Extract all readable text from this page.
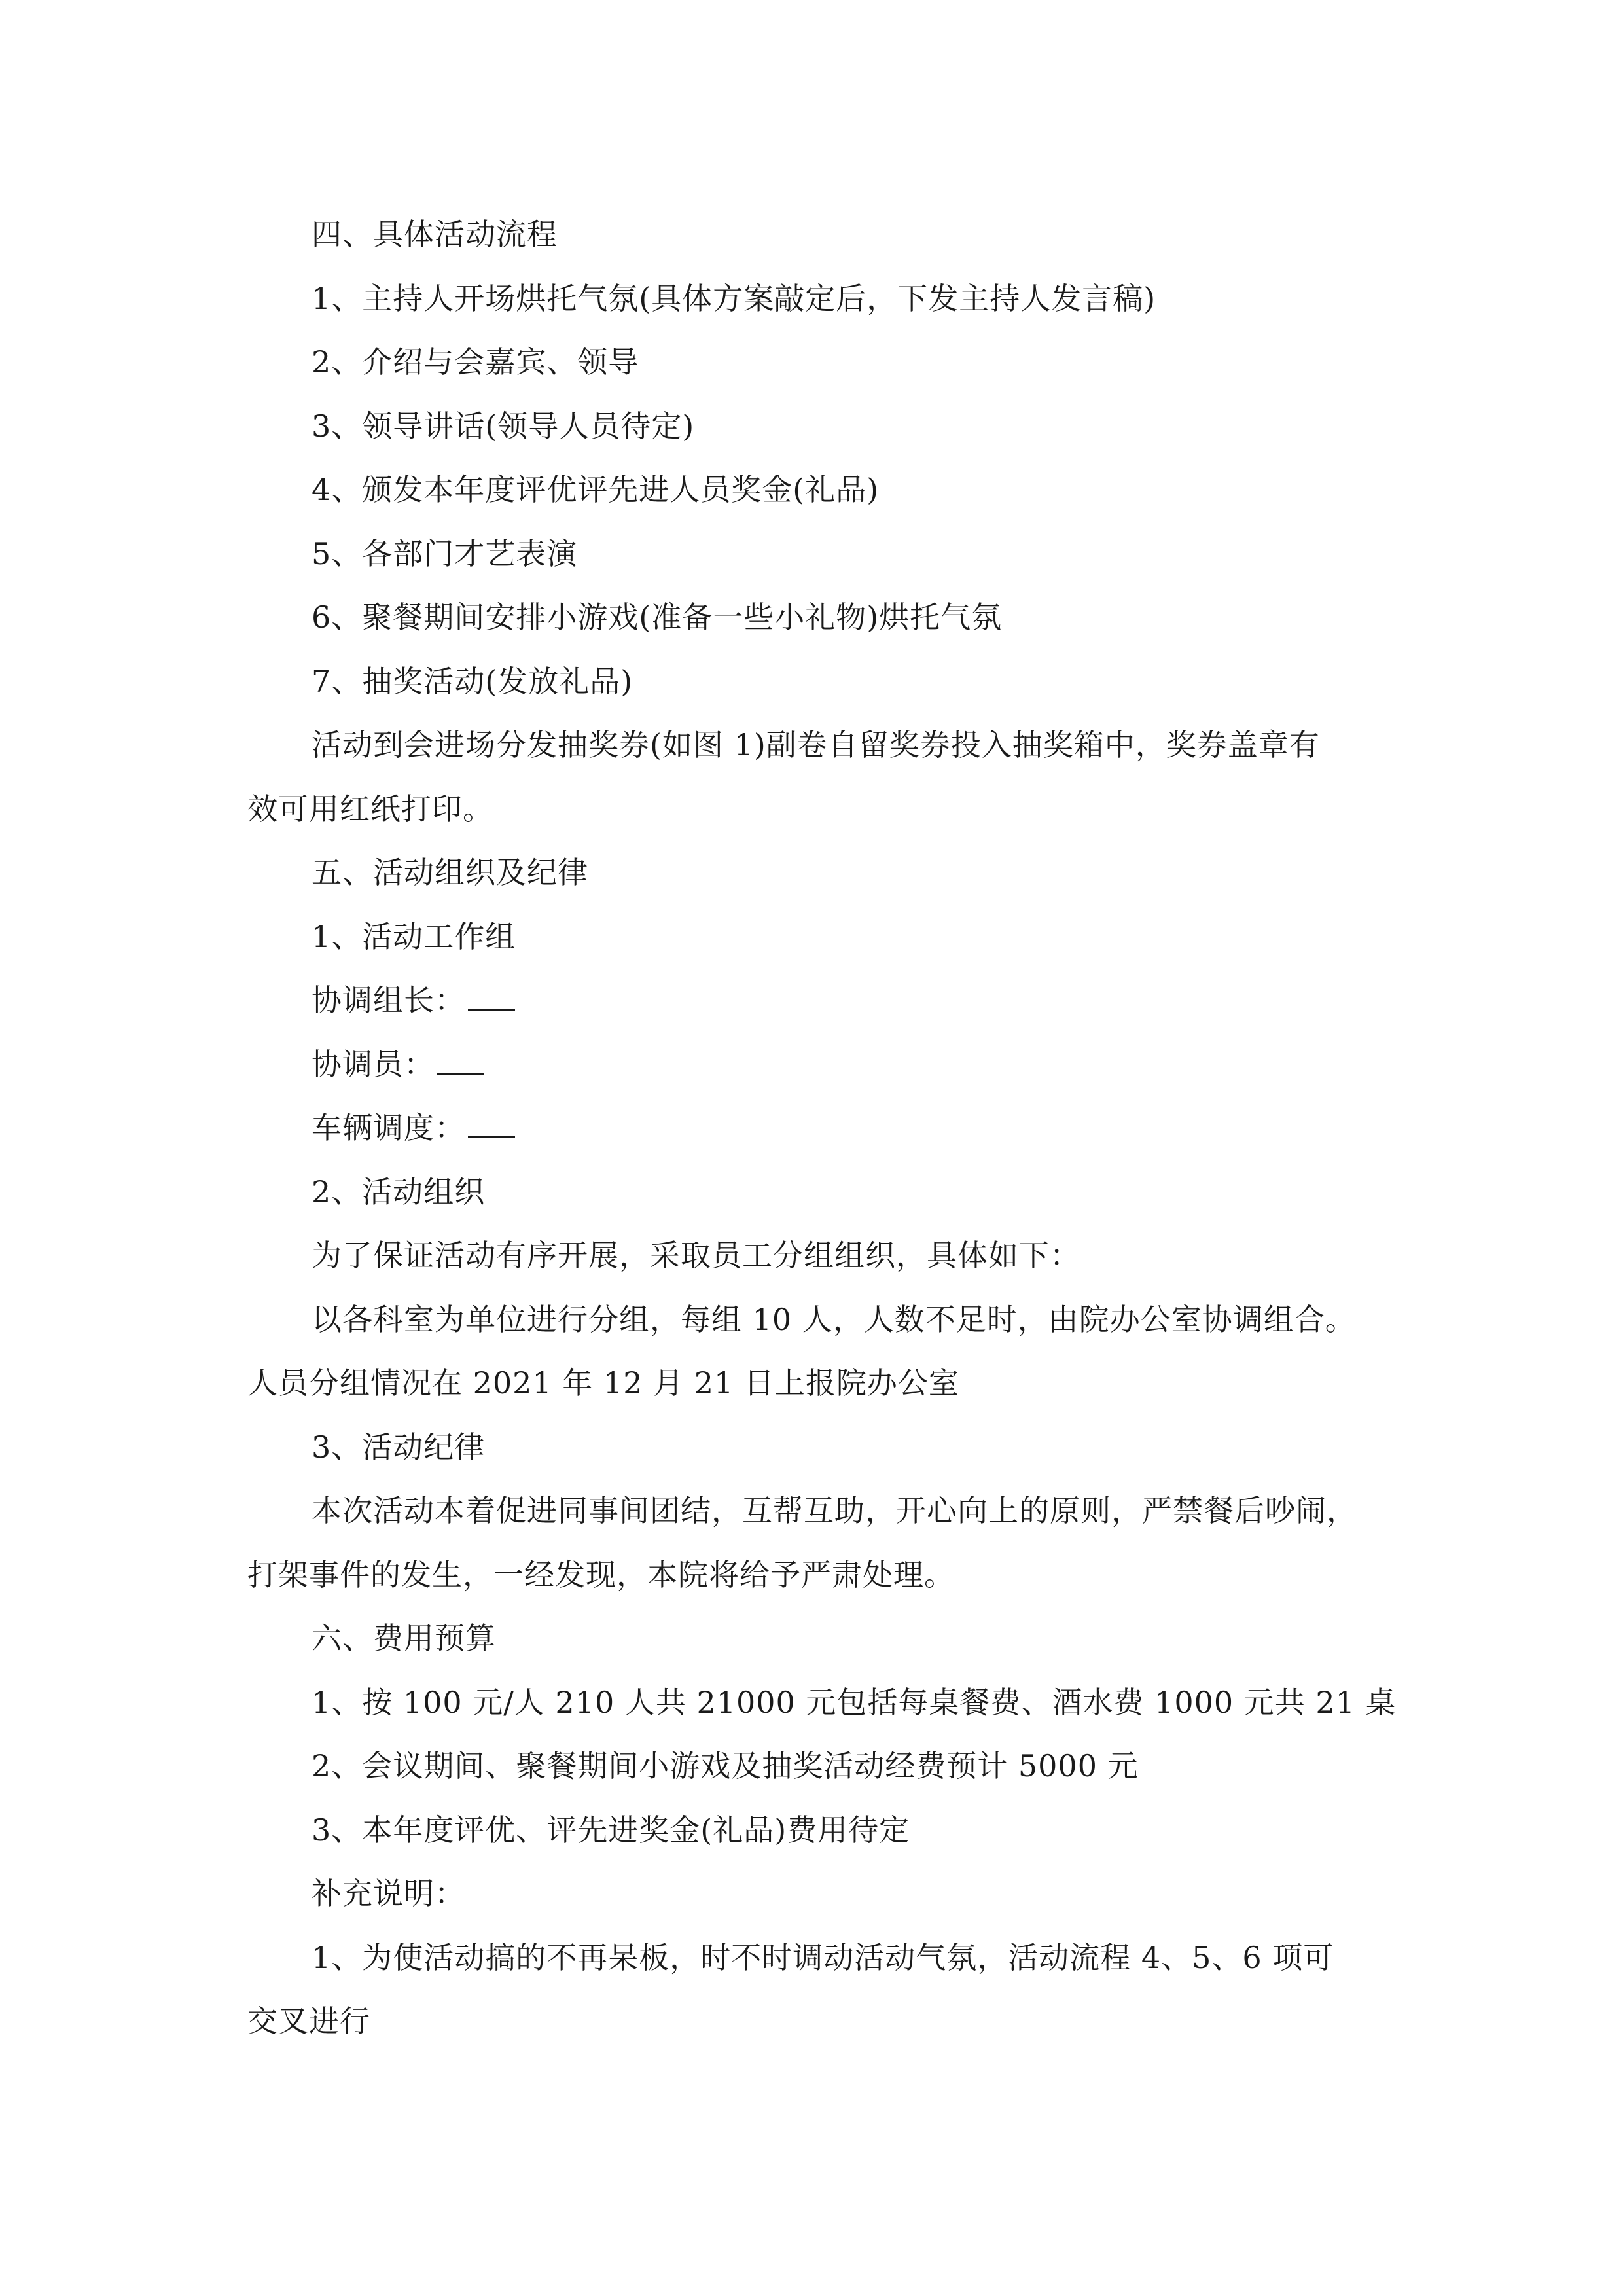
四、具体活动流程

1、主持人开场烘托气氛(具体方案敲定后，下发主持人发言稿)

2、介绍与会嘉宾、领导

3、领导讲话(领导人员待定)

4、颁发本年度评优评先进人员奖金(礼品)

5、各部门才艺表演

6、聚餐期间安排小游戏(准备一些小礼物)烘托气氛

7、抽奖活动(发放礼品)

活动到会进场分发抽奖券(如图 1)副卷自留奖券投入抽奖箱中，奖券盖章有

效可用红纸打印。

五、活动组织及纪律

1、活动工作组

协调组长：

协调员：

车辆调度：

2、活动组织

为了保证活动有序开展，采取员工分组组织，具体如下：

以各科室为单位进行分组，每组 10 人，人数不足时，由院办公室协调组合。

人员分组情况在 2021 年 12 月 21 日上报院办公室

3、活动纪律

本次活动本着促进同事间团结，互帮互助，开心向上的原则，严禁餐后吵闹，

打架事件的发生，一经发现，本院将给予严肃处理。

六、费用预算

1、按 100 元/人 210 人共 21000 元包括每桌餐费、酒水费 1000 元共 21 桌

2、会议期间、聚餐期间小游戏及抽奖活动经费预计 5000 元

3、本年度评优、评先进奖金(礼品)费用待定

补充说明：

1、为使活动搞的不再呆板，时不时调动活动气氛，活动流程 4、5、6 项可

交叉进行
